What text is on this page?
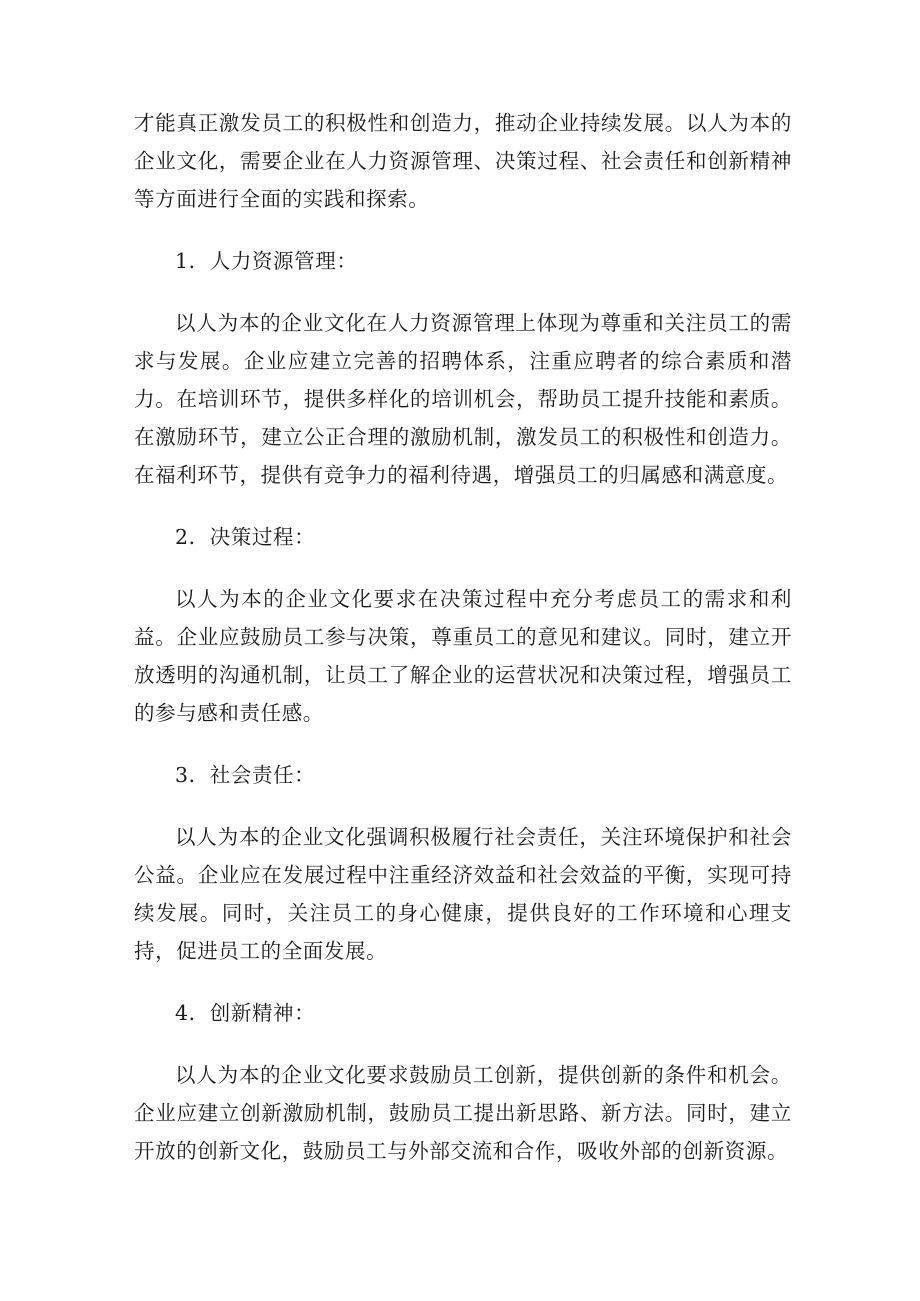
才能真正激发员工的积极性和创造力，推动企业持续发展。以人为本的企业文化，需要企业在人力资源管理、决策过程、社会责任和创新精神等方面进行全面的实践和探索。

1．人力资源管理：

以人为本的企业文化在人力资源管理上体现为尊重和关注员工的需求与发展。企业应建立完善的招聘体系，注重应聘者的综合素质和潜力。在培训环节，提供多样化的培训机会，帮助员工提升技能和素质。在激励环节，建立公正合理的激励机制，激发员工的积极性和创造力。在福利环节，提供有竞争力的福利待遇，增强员工的归属感和满意度。

2．决策过程：

以人为本的企业文化要求在决策过程中充分考虑员工的需求和利益。企业应鼓励员工参与决策，尊重员工的意见和建议。同时，建立开放透明的沟通机制，让员工了解企业的运营状况和决策过程，增强员工的参与感和责任感。

3．社会责任：

以人为本的企业文化强调积极履行社会责任，关注环境保护和社会公益。企业应在发展过程中注重经济效益和社会效益的平衡，实现可持续发展。同时，关注员工的身心健康，提供良好的工作环境和心理支持，促进员工的全面发展。

4．创新精神：

以人为本的企业文化要求鼓励员工创新，提供创新的条件和机会。企业应建立创新激励机制，鼓励员工提出新思路、新方法。同时，建立开放的创新文化，鼓励员工与外部交流和合作，吸收外部的创新资源。
